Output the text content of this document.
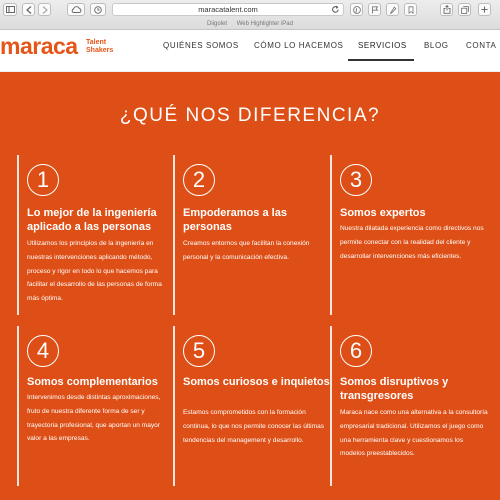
maracatalent.com
Diigolet Web Highlighter iPad
maraca Talent
Shakers
QUIÉNES SOMOS CÓMO LO HACEMOS SERVICIOS BLOG CONTA
¿QUÉ NOS DIFERENCIA?
1
Lo mejor de la ingeniería aplicado a las personas

Utilizamos los principios de la ingeniería en nuestras intervenciones aplicando método, proceso y rigor en todo lo que hacemos para facilitar el desarrollo de las personas de forma más óptima.

2
Empoderamos a las personas

Creamos entornos que facilitan la conexión personal y la comunicación efectiva.

3
Somos expertos

Nuestra dilatada experiencia como directivos nos permite conectar con la realidad del cliente y desarrollar intervenciones más eficientes.

4
Somos complementarios

Intervenimos desde distintas aproximaciones, fruto de nuestra diferente forma de ser y trayectoria profesional, que aportan un mayor valor a las empresas.

5
Somos curiosos e inquietos

Estamos comprometidos con la formación continua, lo que nos permite conocer las últimas tendencias del management y desarrollo.

6
Somos disruptivos y transgresores

Maraca nace como una alternativa a la consultoría empresarial tradicional. Utilizamos el juego como una herramienta clave y cuestionamos los modelos preestablecidos.
